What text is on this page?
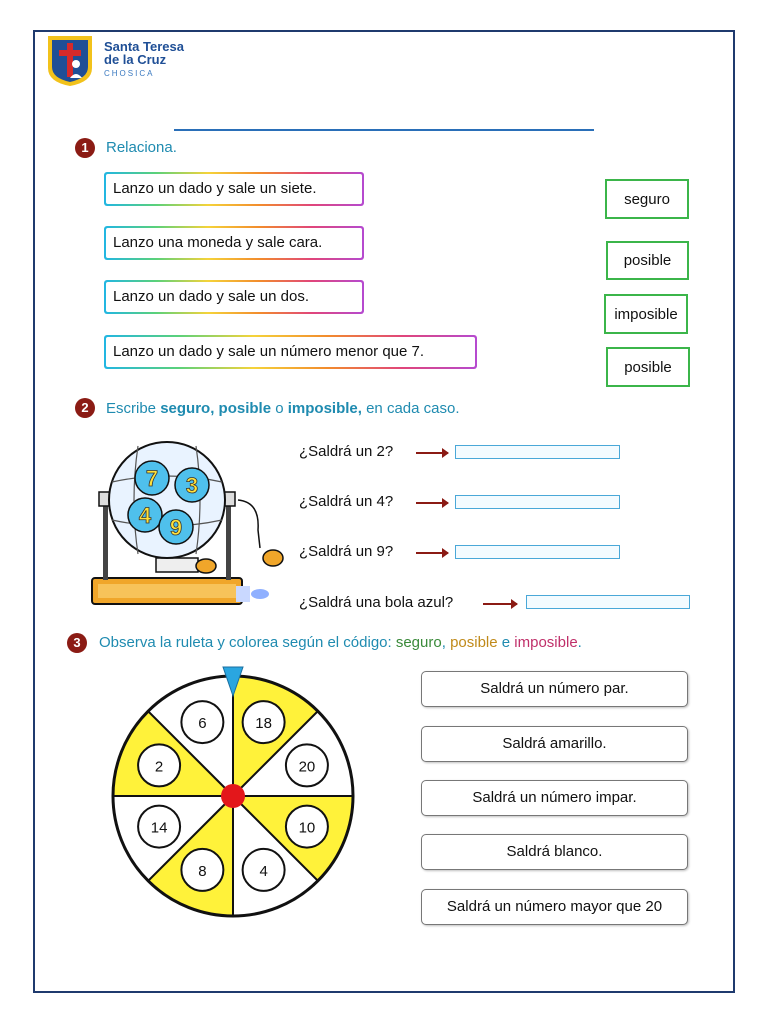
Santa Teresa
de la Cruz
CHOSICA
1	Relaciona.
Lanzo un dado y sale un siete.
Lanzo una moneda y sale cara.
Lanzo un dado y sale un dos.
Lanzo un dado y sale un número menor que 7.
seguro
posible
imposible
posible
2	Escribe seguro, posible o imposible, en cada caso.
7 3
4 9
¿Saldrá un 2?
¿Saldrá un 4?
¿Saldrá un 9?
¿Saldrá una bola azul?
3	Observa la ruleta y colorea según el código: seguro, posible e imposible.
18
20
10
4
8
14
2
6
Saldrá un número par.
Saldrá amarillo.
Saldrá un número impar.
Saldrá blanco.
Saldrá un número mayor que 20
